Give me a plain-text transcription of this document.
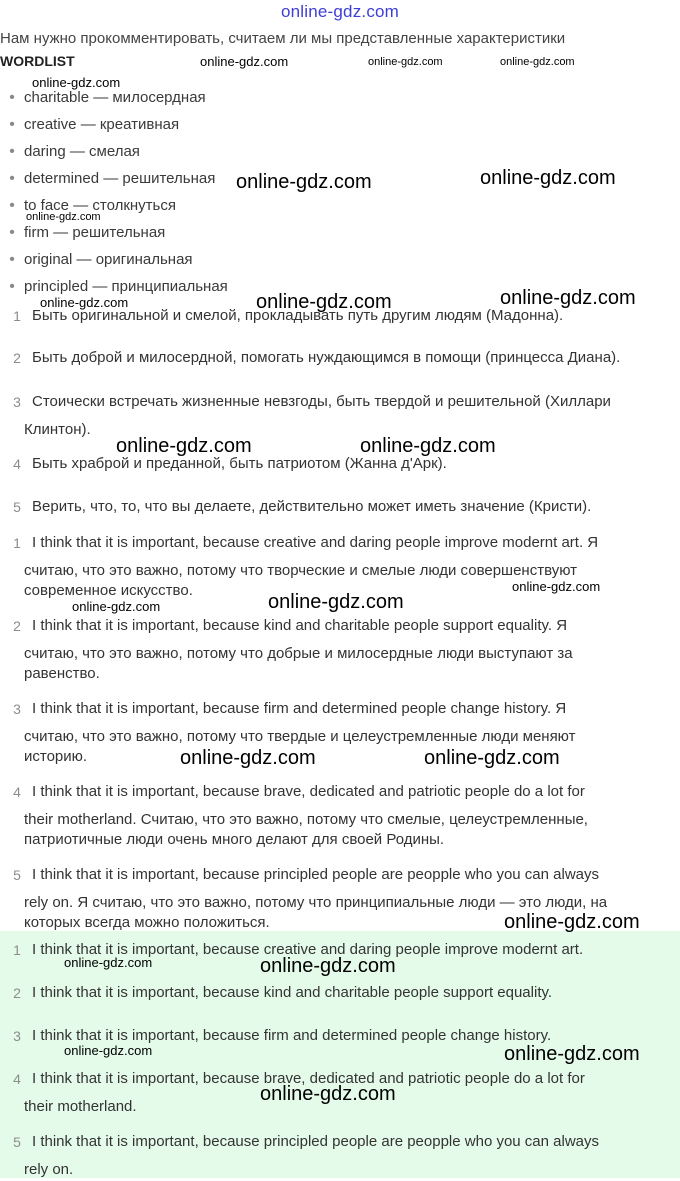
online-gdz.com
Нам нужно прокомментировать, считаем ли мы представленные характеристики
WORDLIST
• charitable — милосердная
• creative — креативная
• daring — смелая
• determined — решительная
• to face — столкнуться
• firm — решительная
• original — оригинальная
• principled — принципиальная
1 Быть оригинальной и смелой, прокладывать путь другим людям (Мадонна).
2 Быть доброй и милосердной, помогать нуждающимся в помощи (принцесса Диана).
3 Стоически встречать жизненные невзгоды, быть твердой и решительной (Хиллари
Клинтон).
4 Быть храброй и преданной, быть патриотом (Жанна д'Арк).
5 Верить, что, то, что вы делаете, действительно может иметь значение (Кристи).
1 I think that it is important, because creative and daring people improve modernt art. Я
считаю, что это важно, потому что творческие и смелые люди совершенствуют
современное искусство.
2 I think that it is important, because kind and charitable people support equality. Я
считаю, что это важно, потому что добрые и милосердные люди выступают за
равенство.
3 I think that it is important, because firm and determined people change history. Я
считаю, что это важно, потому что твердые и целеустремленные люди меняют
историю.
4 I think that it is important, because brave, dedicated and patriotic people do a lot for
their motherland. Считаю, что это важно, потому что смелые, целеустремленные,
патриотичные люди очень много делают для своей Родины.
5 I think that it is important, because principled people are peopple who you can always
rely on. Я считаю, что это важно, потому что принципиальные люди — это люди, на
которых всегда можно положиться.
1 I think that it is important, because creative and daring people improve modernt art.
2 I think that it is important, because kind and charitable people support equality.
3 I think that it is important, because firm and determined people change history.
4 I think that it is important, because brave, dedicated and patriotic people do a lot for
their motherland.
5 I think that it is important, because principled people are peopple who you can always
rely on.
online-gdz.com	online-gdz.com	online-gdz.com
online-gdz.com
online-gdz.com	online-gdz.com
online-gdz.com
online-gdz.com	online-gdz.com	online-gdz.com
online-gdz.com	online-gdz.com
online-gdz.com
online-gdz.com
online-gdz.com
online-gdz.com	online-gdz.com
online-gdz.com
online-gdz.com	online-gdz.com
online-gdz.com	online-gdz.com
online-gdz.com
